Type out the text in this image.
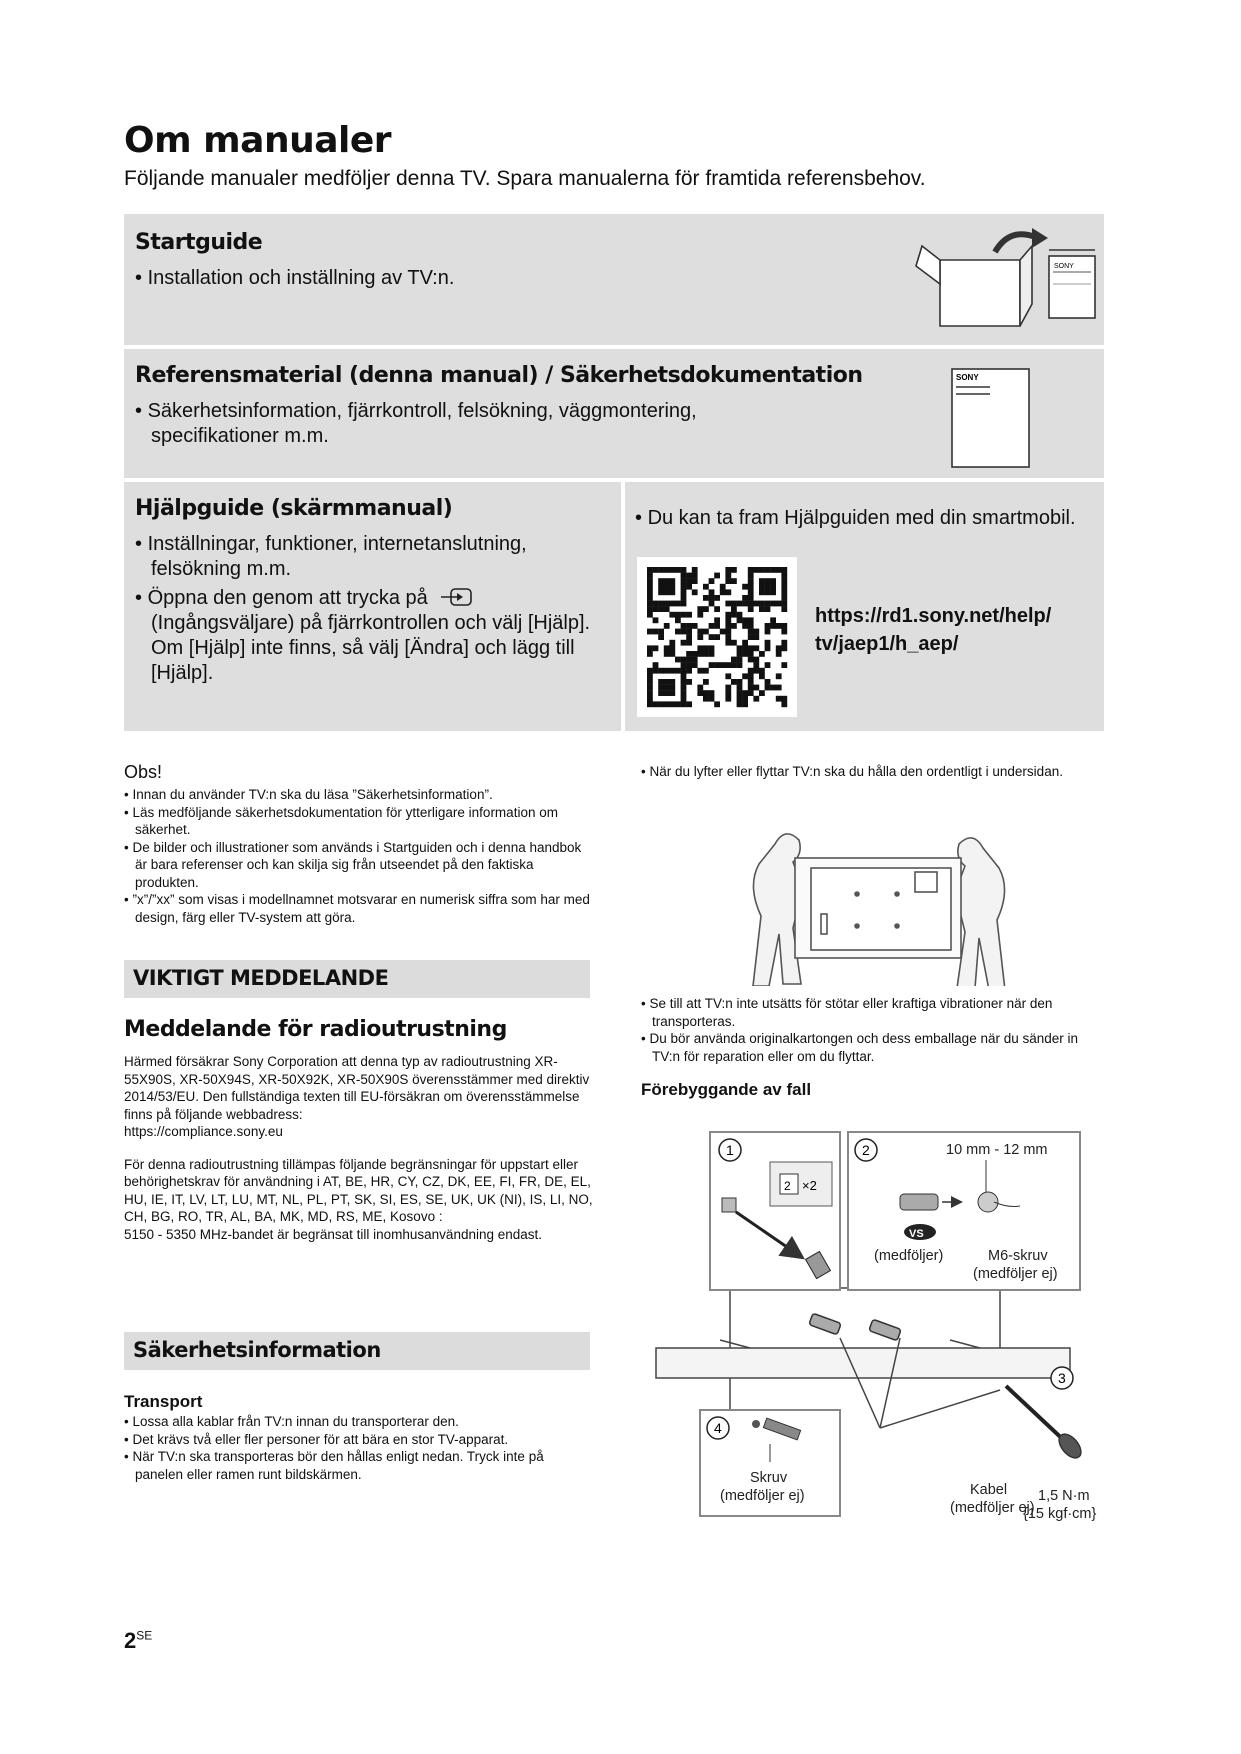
Om manualer
Följande manualer medföljer denna TV. Spara manualerna för framtida referensbehov.
Startguide
• Installation och inställning av TV:n.
SONY
Referensmaterial (denna manual) / Säkerhetsdokumentation
• Säkerhetsinformation, fjärrkontroll, felsökning, väggmontering, specifikationer m.m.
SONY
Hjälpguide (skärmmanual)
• Inställningar, funktioner, internetanslutning, felsökning m.m.
• Öppna den genom att trycka på  (Ingångsväljare) på fjärrkontrollen och välj [Hjälp]. Om [Hjälp] inte finns, så välj [Ändra] och lägg till [Hjälp].
• Du kan ta fram Hjälpguiden med din smartmobil.
https://rd1.sony.net/help/ tv/jaep1/h_aep/
Obs!
• Innan du använder TV:n ska du läsa ”Säkerhetsinformation”.
• Läs medföljande säkerhetsdokumentation för ytterligare information om säkerhet.
• De bilder och illustrationer som används i Startguiden och i denna handbok är bara referenser och kan skilja sig från utseendet på den faktiska produkten.
• ”x”/”xx” som visas i modellnamnet motsvarar en numerisk siffra som har med design, färg eller TV-system att göra.
VIKTIGT MEDDELANDE
Meddelande för radioutrustning
Härmed försäkrar Sony Corporation att denna typ av radioutrustning XR-55X90S, XR-50X94S, XR-50X92K, XR-50X90S överensstämmer med direktiv 2014/53/EU. Den fullständiga texten till EU-försäkran om överensstämmelse finns på följande webbadress:
https://compliance.sony.eu
För denna radioutrustning tillämpas följande begränsningar för uppstart eller behörighetskrav för användning i AT, BE, HR, CY, CZ, DK, EE, FI, FR, DE, EL, HU, IE, IT, LV, LT, LU, MT, NL, PL, PT, SK, SI, ES, SE, UK, UK (NI), IS, LI, NO, CH, BG, RO, TR, AL, BA, MK, MD, RS, ME, Kosovo :
5150 - 5350 MHz-bandet är begränsat till inomhusanvändning endast.
Säkerhetsinformation
Transport
• Lossa alla kablar från TV:n innan du transporterar den.
• Det krävs två eller fler personer för att bära en stor TV-apparat.
• När TV:n ska transporteras bör den hållas enligt nedan. Tryck inte på panelen eller ramen runt bildskärmen.
• När du lyfter eller flyttar TV:n ska du hålla den ordentligt i undersidan.
• Se till att TV:n inte utsätts för stötar eller kraftiga vibrationer när den transporteras.
• Du bör använda originalkartongen och dess emballage när du sänder in TV:n för reparation eller om du flyttar.
Förebyggande av fall
1
2 ×2
2	10 mm - 12 mm
VS
(medföljer)	M6-skruv
(medföljer ej)
3
1,5 N·m
{15 kgf·cm}
4
Skruv
(medföljer ej)	Kabel
(medföljer ej)
$2^{SE}$
